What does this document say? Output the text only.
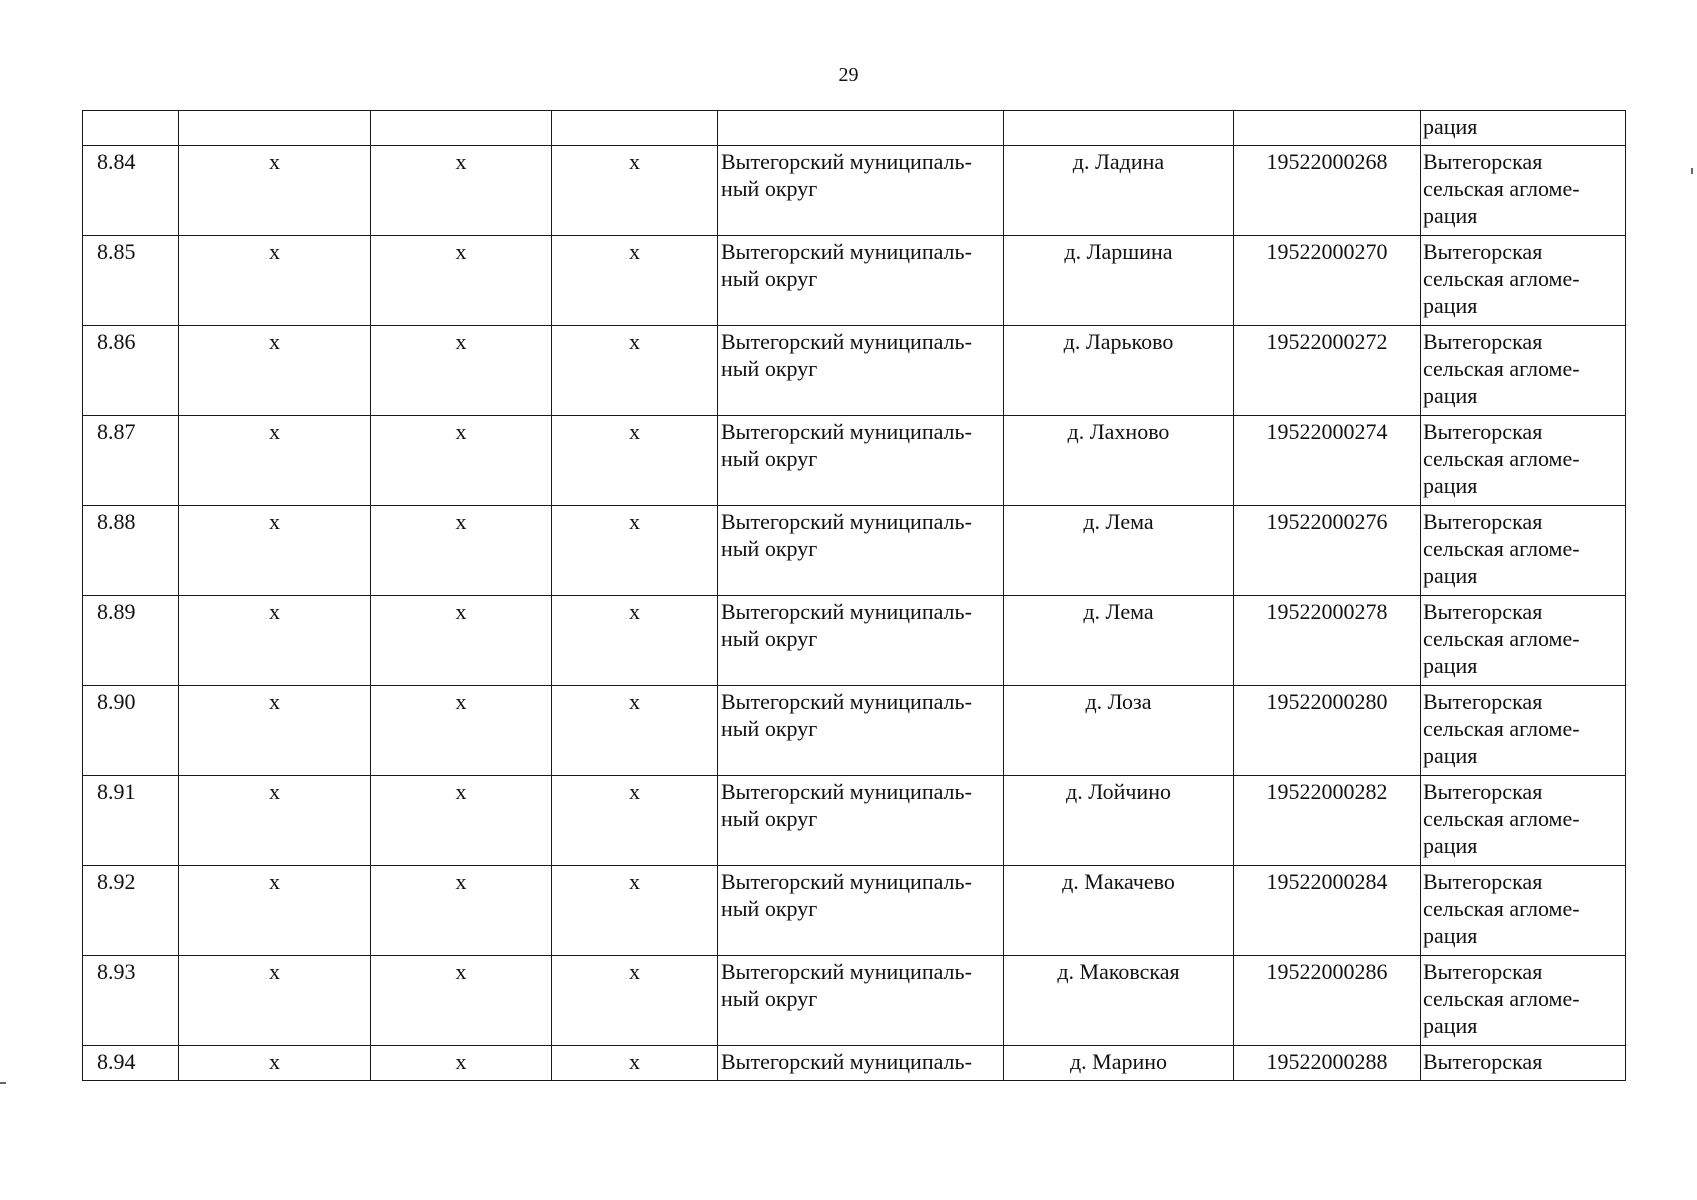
29
							рация
8.84	x	x	x	Вытегорский муниципаль-ный округ	д. Ладина	19522000268	Вытегорская сельская агломе-рация
8.85	x	x	x	Вытегорский муниципаль-ный округ	д. Ларшина	19522000270	Вытегорская сельская агломе-рация
8.86	x	x	x	Вытегорский муниципаль-ный округ	д. Ларьково	19522000272	Вытегорская сельская агломе-рация
8.87	x	x	x	Вытегорский муниципаль-ный округ	д. Лахново	19522000274	Вытегорская сельская агломе-рация
8.88	x	x	x	Вытегорский муниципаль-ный округ	д. Лема	19522000276	Вытегорская сельская агломе-рация
8.89	x	x	x	Вытегорский муниципаль-ный округ	д. Лема	19522000278	Вытегорская сельская агломе-рация
8.90	x	x	x	Вытегорский муниципаль-ный округ	д. Лоза	19522000280	Вытегорская сельская агломе-рация
8.91	x	x	x	Вытегорский муниципаль-ный округ	д. Лойчино	19522000282	Вытегорская сельская агломе-рация
8.92	x	x	x	Вытегорский муниципаль-ный округ	д. Макачево	19522000284	Вытегорская сельская агломе-рация
8.93	x	x	x	Вытегорский муниципаль-ный округ	д. Маковская	19522000286	Вытегорская сельская агломе-рация
8.94	x	x	x	Вытегорский муниципаль-	д. Марино	19522000288	Вытегорская
